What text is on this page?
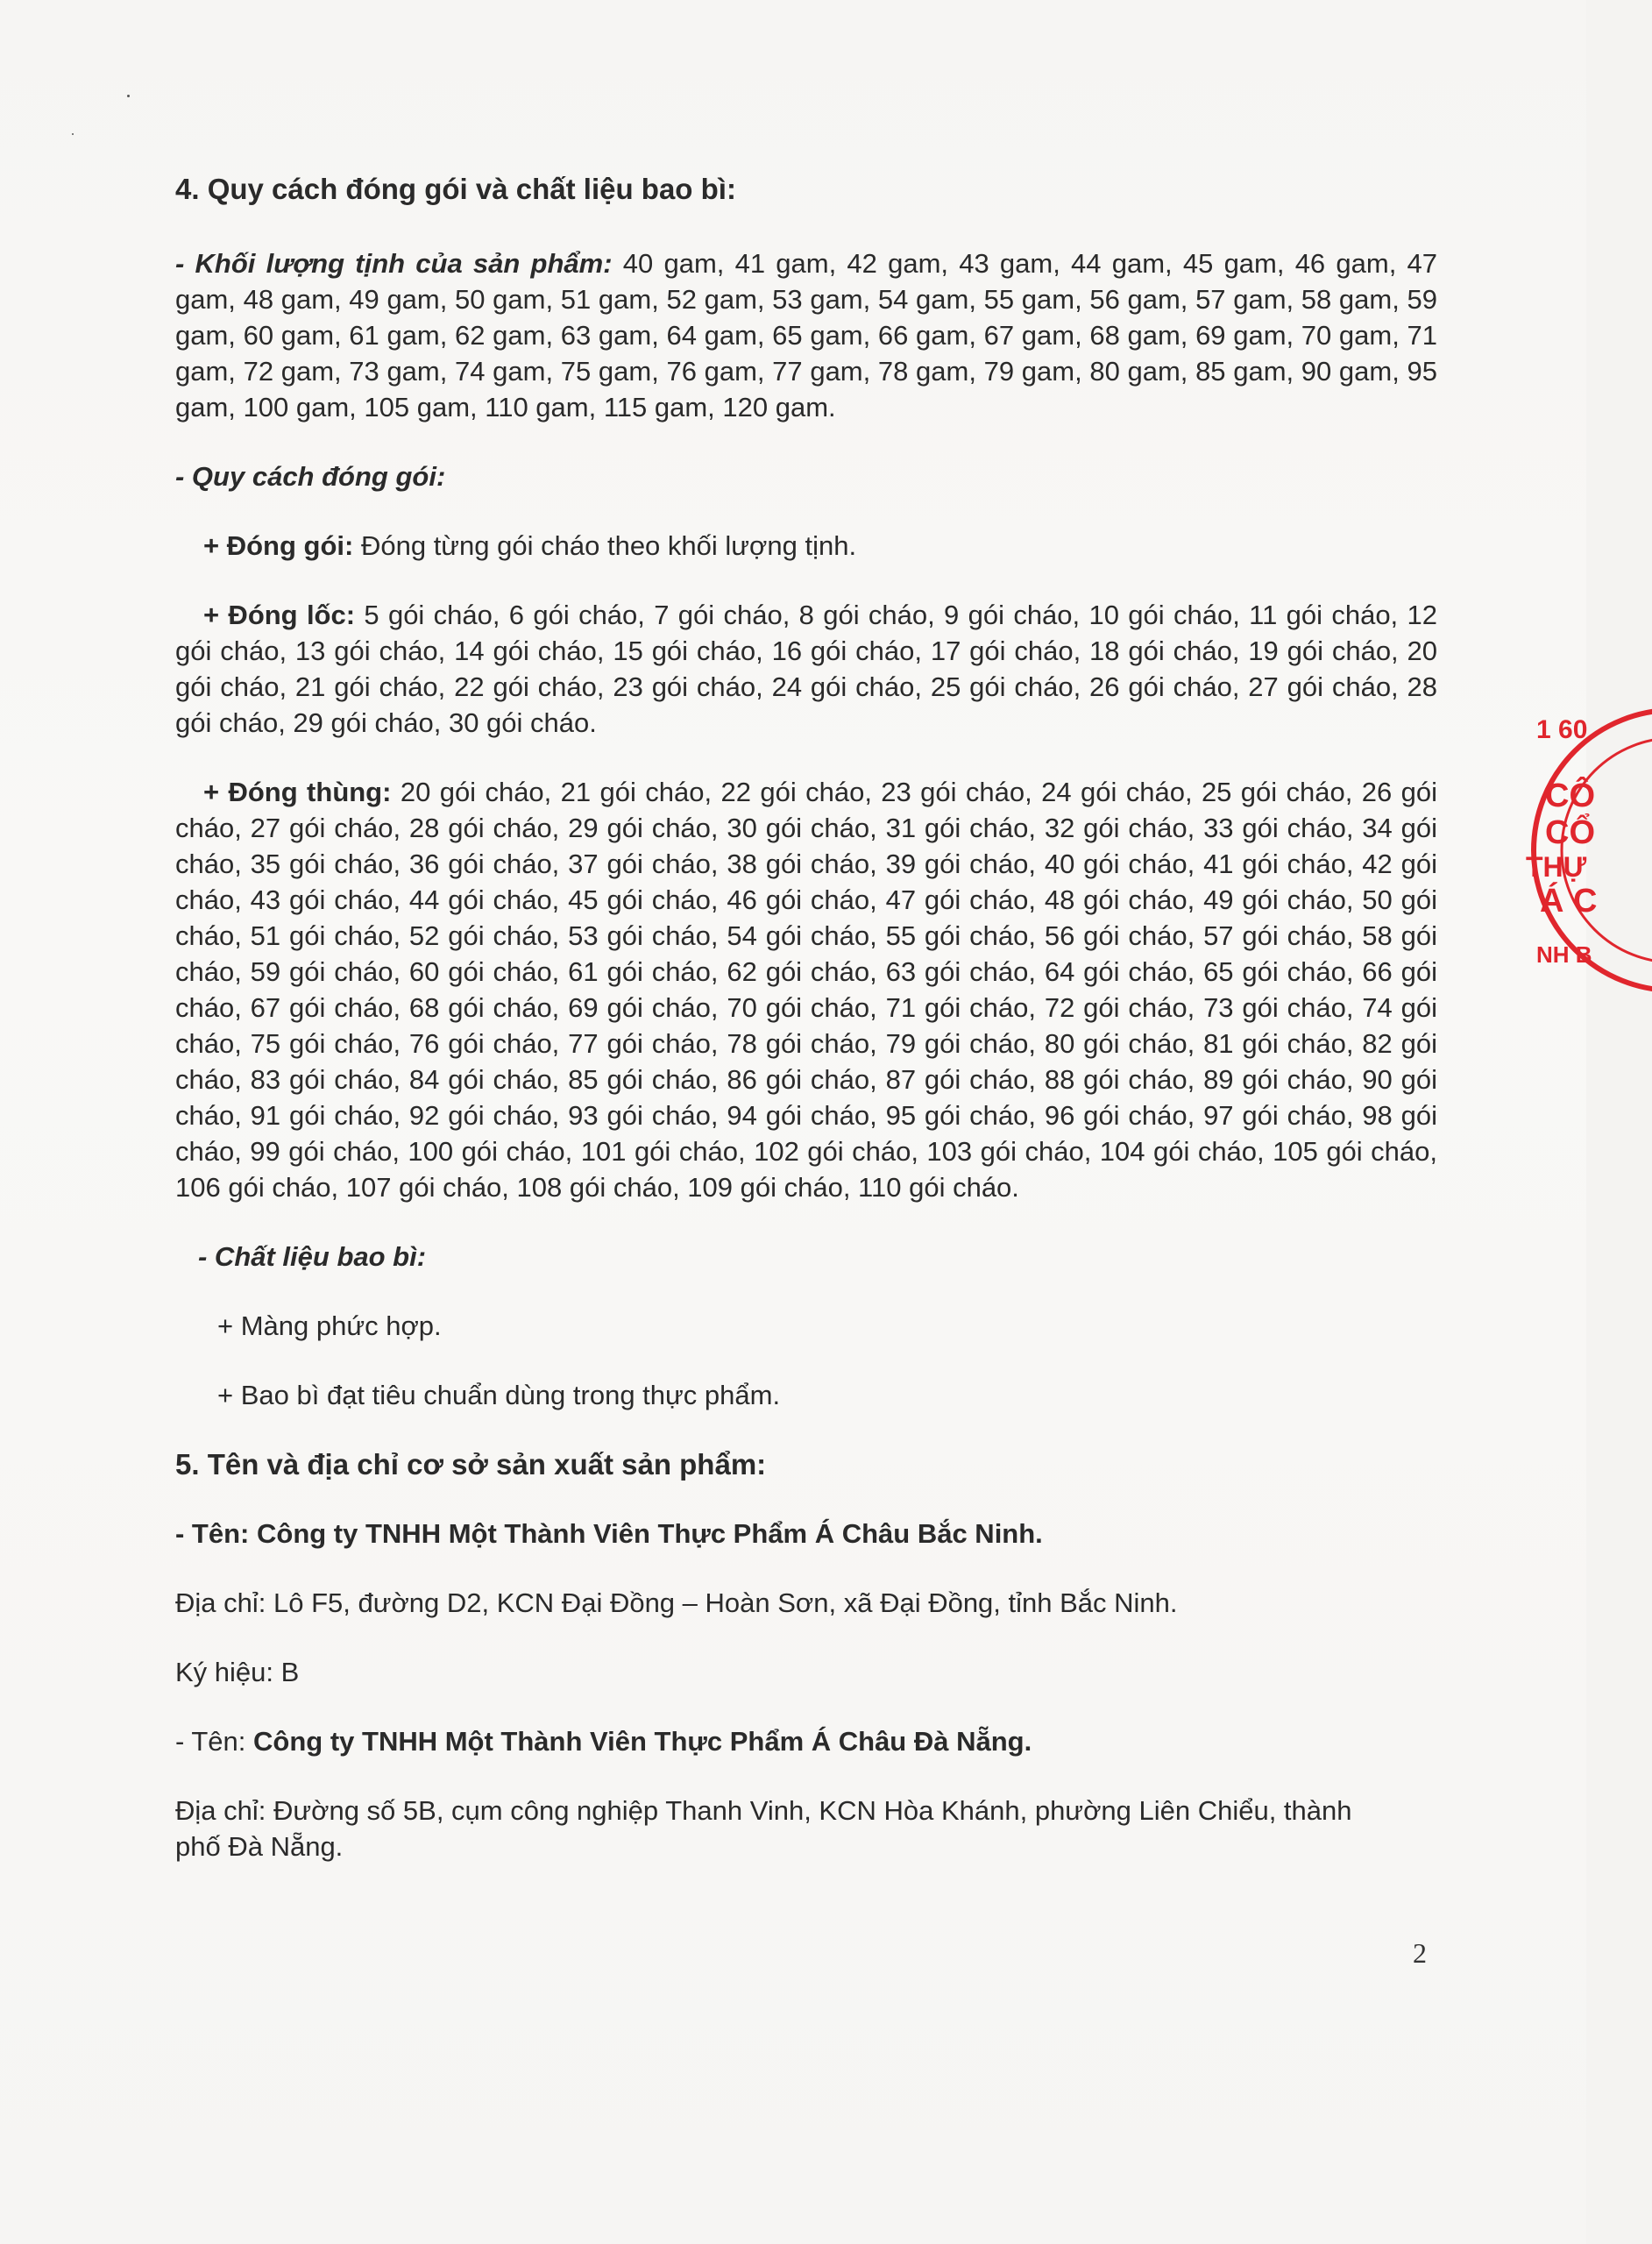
4. Quy cách đóng gói và chất liệu bao bì:

- Khối lượng tịnh của sản phẩm: 40 gam, 41 gam, 42 gam, 43 gam, 44 gam, 45 gam, 46 gam, 47 gam, 48 gam, 49 gam, 50 gam, 51 gam, 52 gam, 53 gam, 54 gam, 55 gam, 56 gam, 57 gam, 58 gam, 59 gam, 60 gam, 61 gam, 62 gam, 63 gam, 64 gam, 65 gam, 66 gam, 67 gam, 68 gam, 69 gam, 70 gam, 71 gam, 72 gam, 73 gam, 74 gam, 75 gam, 76 gam, 77 gam, 78 gam, 79 gam, 80 gam, 85 gam, 90 gam, 95 gam, 100 gam, 105 gam, 110 gam, 115 gam, 120 gam.

- Quy cách đóng gói:

+ Đóng gói: Đóng từng gói cháo theo khối lượng tịnh.

+ Đóng lốc: 5 gói cháo, 6 gói cháo, 7 gói cháo, 8 gói cháo, 9 gói cháo, 10 gói cháo, 11 gói cháo, 12 gói cháo, 13 gói cháo, 14 gói cháo, 15 gói cháo, 16 gói cháo, 17 gói cháo, 18 gói cháo, 19 gói cháo, 20 gói cháo, 21 gói cháo, 22 gói cháo, 23 gói cháo, 24 gói cháo, 25 gói cháo, 26 gói cháo, 27 gói cháo, 28 gói cháo, 29 gói cháo, 30 gói cháo.

+ Đóng thùng: 20 gói cháo, 21 gói cháo, 22 gói cháo, 23 gói cháo, 24 gói cháo, 25 gói cháo, 26 gói cháo, 27 gói cháo, 28 gói cháo, 29 gói cháo, 30 gói cháo, 31 gói cháo, 32 gói cháo, 33 gói cháo, 34 gói cháo, 35 gói cháo, 36 gói cháo, 37 gói cháo, 38 gói cháo, 39 gói cháo, 40 gói cháo, 41 gói cháo, 42 gói cháo, 43 gói cháo, 44 gói cháo, 45 gói cháo, 46 gói cháo, 47 gói cháo, 48 gói cháo, 49 gói cháo, 50 gói cháo, 51 gói cháo, 52 gói cháo, 53 gói cháo, 54 gói cháo, 55 gói cháo, 56 gói cháo, 57 gói cháo, 58 gói cháo, 59 gói cháo, 60 gói cháo, 61 gói cháo, 62 gói cháo, 63 gói cháo, 64 gói cháo, 65 gói cháo, 66 gói cháo, 67 gói cháo, 68 gói cháo, 69 gói cháo, 70 gói cháo, 71 gói cháo, 72 gói cháo, 73 gói cháo, 74 gói cháo, 75 gói cháo, 76 gói cháo, 77 gói cháo, 78 gói cháo, 79 gói cháo, 80 gói cháo, 81 gói cháo, 82 gói cháo, 83 gói cháo, 84 gói cháo, 85 gói cháo, 86 gói cháo, 87 gói cháo, 88 gói cháo, 89 gói cháo, 90 gói cháo, 91 gói cháo, 92 gói cháo, 93 gói cháo, 94 gói cháo, 95 gói cháo, 96 gói cháo, 97 gói cháo, 98 gói cháo, 99 gói cháo, 100 gói cháo, 101 gói cháo, 102 gói cháo, 103 gói cháo, 104 gói cháo, 105 gói cháo, 106 gói cháo, 107 gói cháo, 108 gói cháo, 109 gói cháo, 110 gói cháo.

- Chất liệu bao bì:

+ Màng phức hợp.

+ Bao bì đạt tiêu chuẩn dùng trong thực phẩm.

5. Tên và địa chỉ cơ sở sản xuất sản phẩm:

- Tên: Công ty TNHH Một Thành Viên Thực Phẩm Á Châu Bắc Ninh.

Địa chỉ: Lô F5, đường D2, KCN Đại Đồng – Hoàn Sơn, xã Đại Đồng, tỉnh Bắc Ninh.

Ký hiệu: B

- Tên: Công ty TNHH Một Thành Viên Thực Phẩm Á Châu Đà Nẵng.

Địa chỉ: Đường số 5B, cụm công nghiệp Thanh Vinh, KCN Hòa Khánh, phường Liên Chiểu, thành phố Đà Nẵng.

1 60
CÔ
CỔ
THỰ
Á C
NH B
2
